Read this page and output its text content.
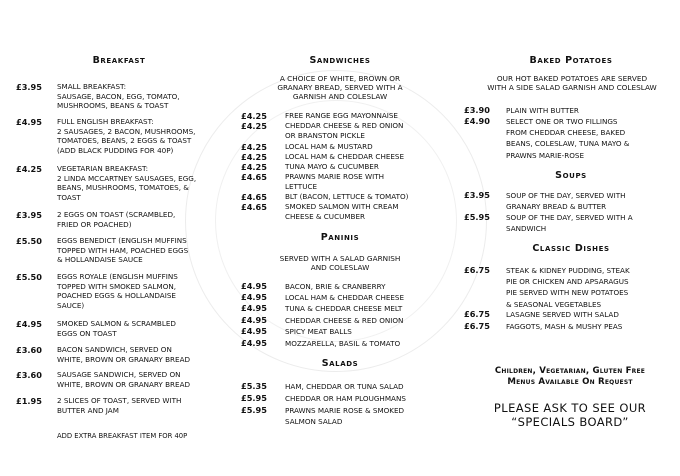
Breakfast
£3.95 SMALL BREAKFAST:
SAUSAGE, BACON, EGG, TOMATO,
MUSHROOMS, BEANS & TOAST
£4.95 FULL ENGLISH BREAKFAST:
2 SAUSAGES, 2 BACON, MUSHROOMS,
TOMATOES, BEANS, 2 EGGS & TOAST
(ADD BLACK PUDDING FOR 40P)
£4.25 VEGETARIAN BREAKFAST:
2 LINDA MCCARTNEY SAUSAGES, EGG,
BEANS, MUSHROOMS, TOMATOES, &
TOAST
£3.95 2 EGGS ON TOAST (SCRAMBLED,
FRIED OR POACHED)
£5.50 EGGS BENEDICT (ENGLISH MUFFINS
TOPPED WITH HAM, POACHED EGGS
& HOLLANDAISE SAUCE
£5.50 EGGS ROYALE (ENGLISH MUFFINS
TOPPED WITH SMOKED SALMON,
POACHED EGGS & HOLLANDAISE
SAUCE)
£4.95 SMOKED SALMON & SCRAMBLED
EGGS ON TOAST
£3.60 BACON SANDWICH, SERVED ON
WHITE, BROWN OR GRANARY BREAD
£3.60 SAUSAGE SANDWICH, SERVED ON
WHITE, BROWN OR GRANARY BREAD
£1.95 2 SLICES OF TOAST, SERVED WITH
BUTTER AND JAM
ADD EXTRA BREAKFAST ITEM FOR 40P
Sandwiches
A CHOICE OF WHITE, BROWN OR
GRANARY BREAD, SERVED WITH A
GARNISH AND COLESLAW
£4.25	FREE RANGE EGG MAYONNAISE
£4.25	CHEDDAR CHEESE & RED ONION
OR BRANSTON PICKLE
£4.25	LOCAL HAM & MUSTARD
£4.25	LOCAL HAM & CHEDDAR CHEESE
£4.25	TUNA MAYO & CUCUMBER
£4.65	PRAWNS MARIE ROSE WITH
LETTUCE
£4.65	BLT (BACON, LETTUCE & TOMATO)
£4.65	SMOKED SALMON WITH CREAM
CHEESE & CUCUMBER
Paninis
SERVED WITH A SALAD GARNISH
AND COLESLAW
£4.95	BACON, BRIE & CRANBERRY
£4.95	LOCAL HAM & CHEDDAR CHEESE
£4.95	TUNA & CHEDDAR CHEESE MELT
£4.95	CHEDDAR CHEESE & RED ONION
£4.95	SPICY MEAT BALLS
£4.95	MOZZARELLA, BASIL & TOMATO
Salads
£5.35	HAM, CHEDDAR OR TUNA SALAD
£5.95	CHEDDAR OR HAM PLOUGHMANS
£5.95	PRAWNS MARIE ROSE & SMOKED
SALMON SALAD
Baked Potatoes
OUR HOT BAKED POTATOES ARE SERVED
WITH A SIDE SALAD GARNISH AND COLESLAW
£3.90 PLAIN WITH BUTTER
£4.90 SELECT ONE OR TWO FILLINGS
FROM CHEDDAR CHEESE, BAKED
BEANS, COLESLAW, TUNA MAYO &
PRAWNS MARIE-ROSE
Soups
£3.95 SOUP OF THE DAY, SERVED WITH
GRANARY BREAD & BUTTER
£5.95 SOUP OF THE DAY, SERVED WITH A
SANDWICH
Classic Dishes
£6.75 STEAK & KIDNEY PUDDING, STEAK
PIE OR CHICKEN AND APSARAGUS
PIE SERVED WITH NEW POTATOES
& SEASONAL VEGETABLES
£6.75 LASAGNE SERVED WITH SALAD
£6.75 FAGGOTS, MASH & MUSHY PEAS
Children, Vegetarian, Gluten Free
Menus Available On Request
PLEASE ASK TO SEE OUR
“SPECIALS BOARD”
